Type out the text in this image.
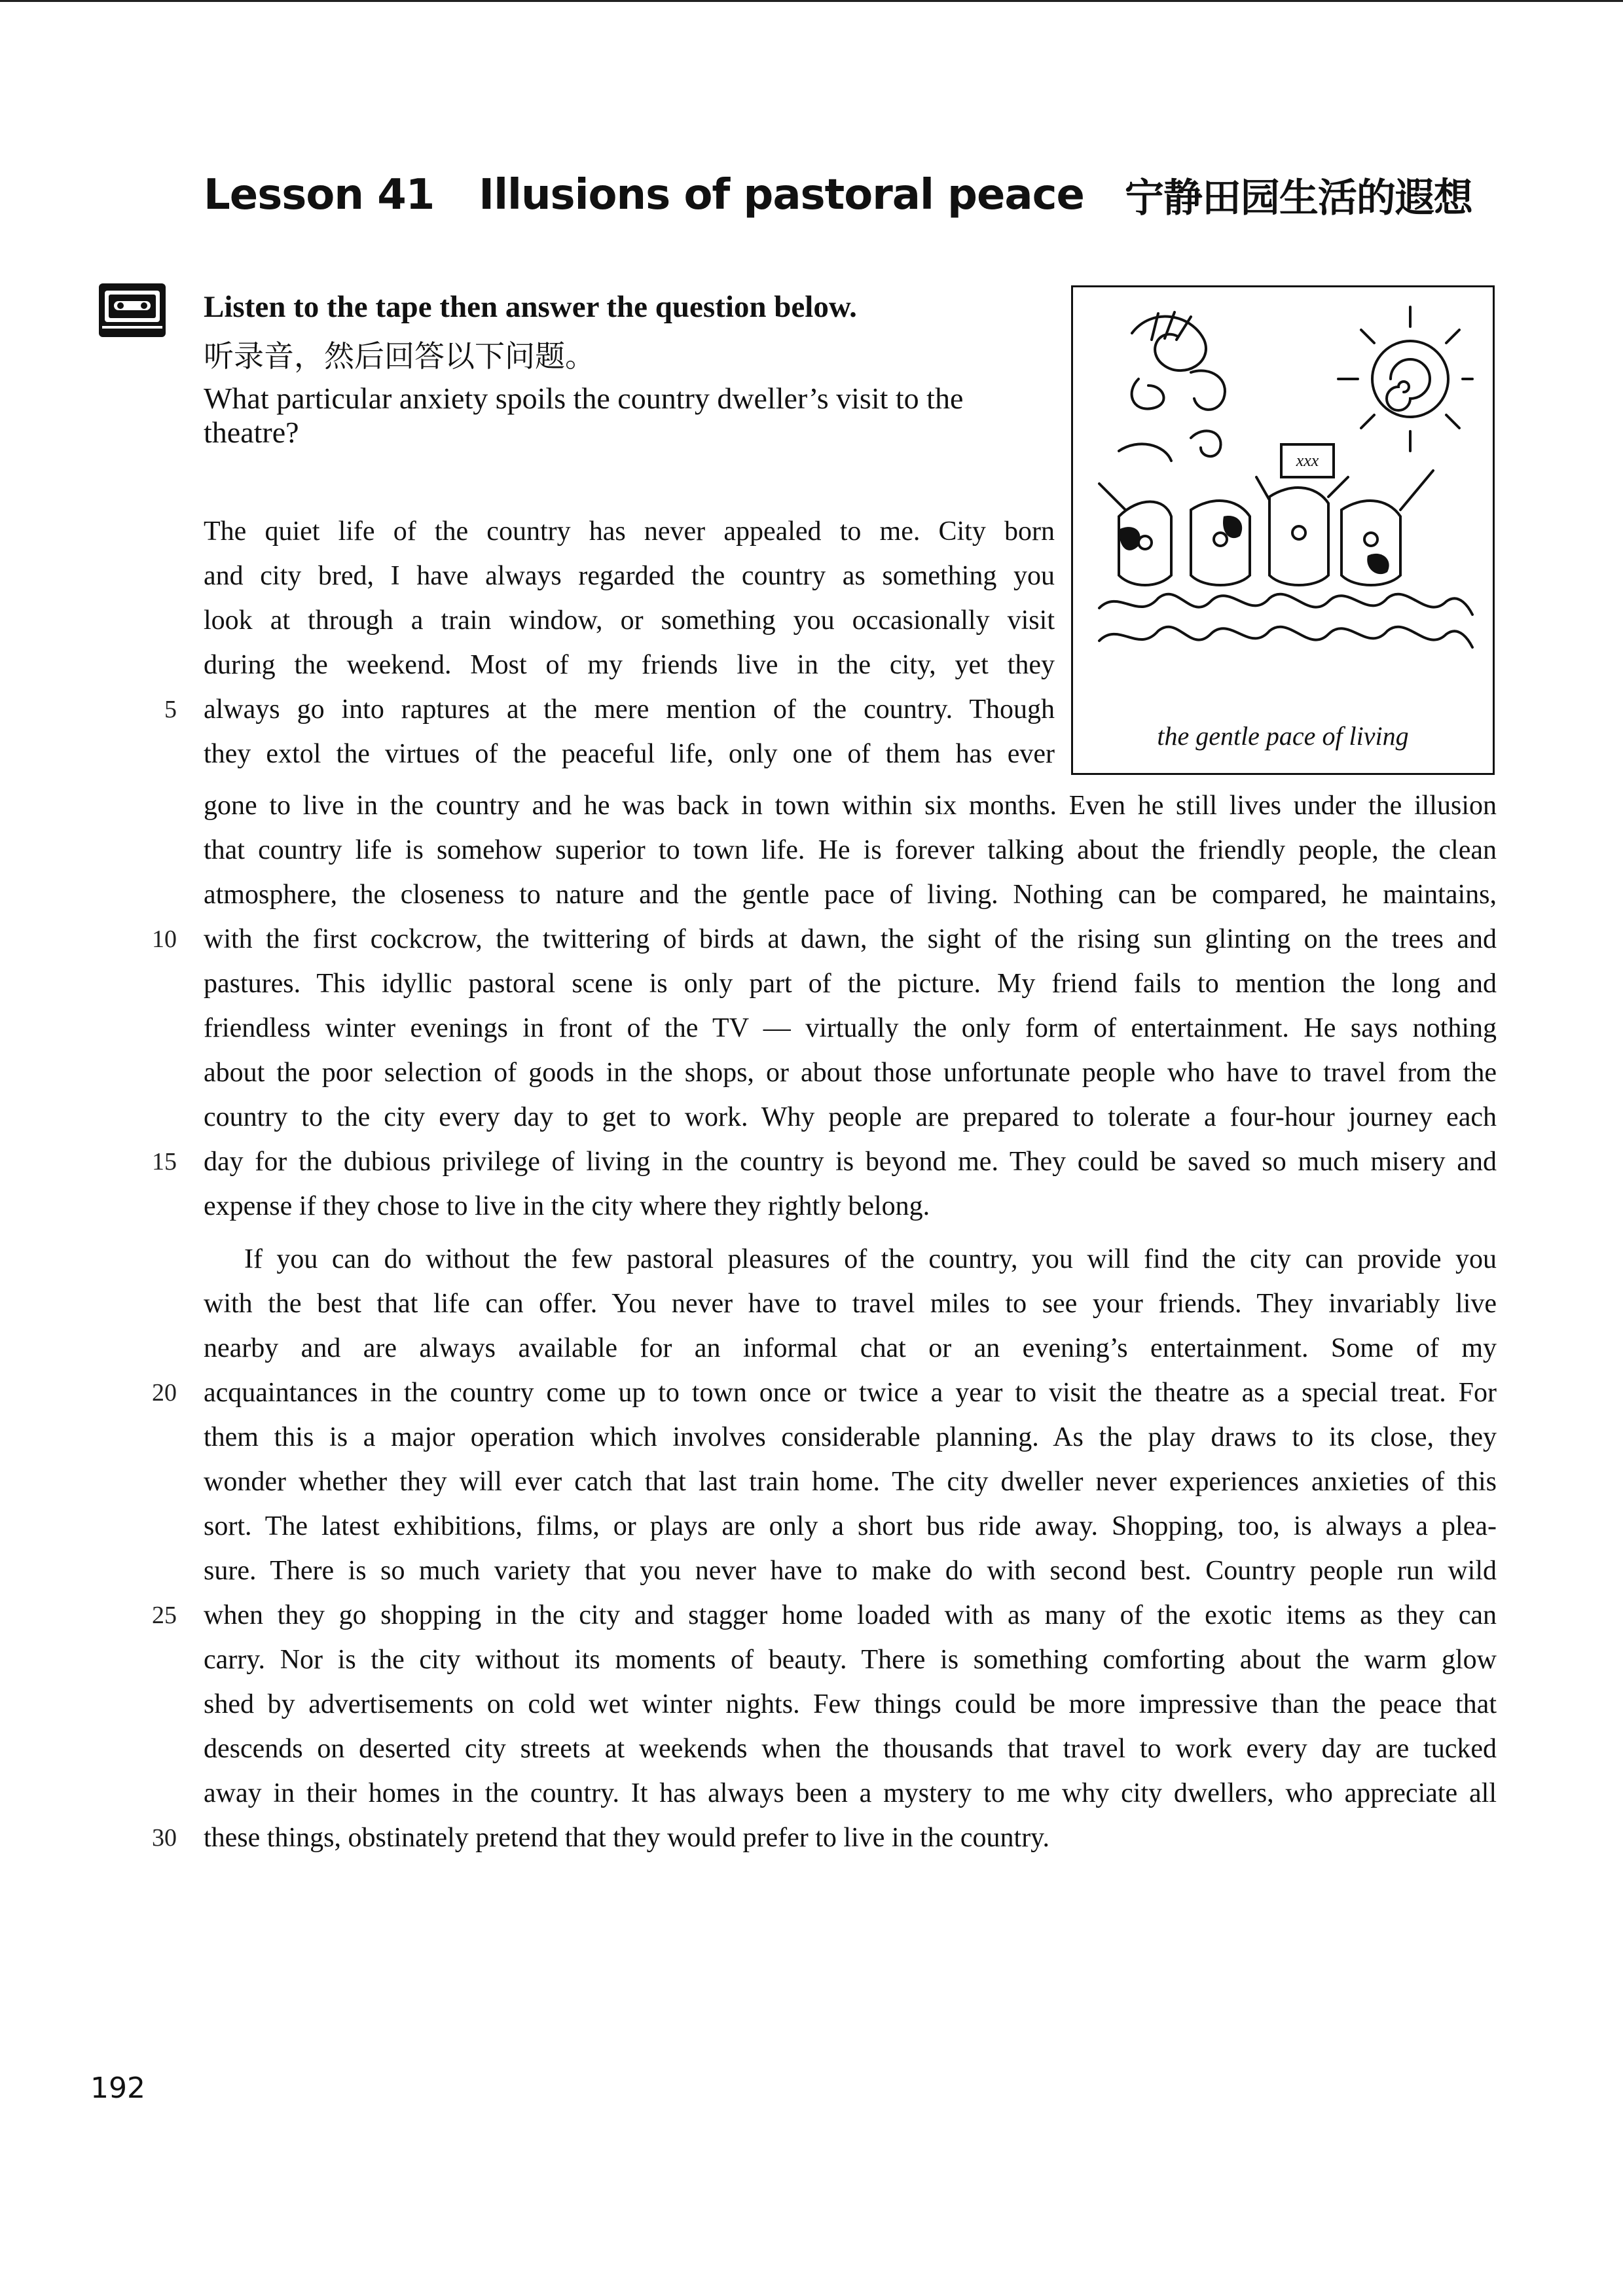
Lesson 41 Illusions of pastoral peace 宁静田园生活的遐想
Listen to the tape then answer the question below.
听录音，然后回答以下问题。
What particular anxiety spoils the country dweller’s visit to the theatre?
xxx
the gentle pace of living
The quiet life of the country has never appealed to me. City born
and city bred, I have always regarded the country as something you
look at through a train window, or something you occasionally visit
during the weekend. Most of my friends live in the city, yet they
always go into raptures at the mere mention of the country. Though
they extol the virtues of the peaceful life, only one of them has ever
gone to live in the country and he was back in town within six months. Even he still lives under the illusion
that country life is somehow superior to town life. He is forever talking about the friendly people, the clean
atmosphere, the closeness to nature and the gentle pace of living. Nothing can be compared, he maintains,
with the first cockcrow, the twittering of birds at dawn, the sight of the rising sun glinting on the trees and
pastures. This idyllic pastoral scene is only part of the picture. My friend fails to mention the long and
friendless winter evenings in front of the TV — virtually the only form of entertainment. He says nothing
about the poor selection of goods in the shops, or about those unfortunate people who have to travel from the
country to the city every day to get to work. Why people are prepared to tolerate a four-hour journey each
day for the dubious privilege of living in the country is beyond me. They could be saved so much misery and
expense if they chose to live in the city where they rightly belong.
If you can do without the few pastoral pleasures of the country, you will find the city can provide you
with the best that life can offer. You never have to travel miles to see your friends. They invariably live
nearby and are always available for an informal chat or an evening’s entertainment. Some of my
acquaintances in the country come up to town once or twice a year to visit the theatre as a special treat. For
them this is a major operation which involves considerable planning. As the play draws to its close, they
wonder whether they will ever catch that last train home. The city dweller never experiences anxieties of this
sort. The latest exhibitions, films, or plays are only a short bus ride away. Shopping, too, is always a plea-
sure. There is so much variety that you never have to make do with second best. Country people run wild
when they go shopping in the city and stagger home loaded with as many of the exotic items as they can
carry. Nor is the city without its moments of beauty. There is something comforting about the warm glow
shed by advertisements on cold wet winter nights. Few things could be more impressive than the peace that
descends on deserted city streets at weekends when the thousands that travel to work every day are tucked
away in their homes in the country. It has always been a mystery to me why city dwellers, who appreciate all
these things, obstinately pretend that they would prefer to live in the country.
5
10
15
20
25
30
192
